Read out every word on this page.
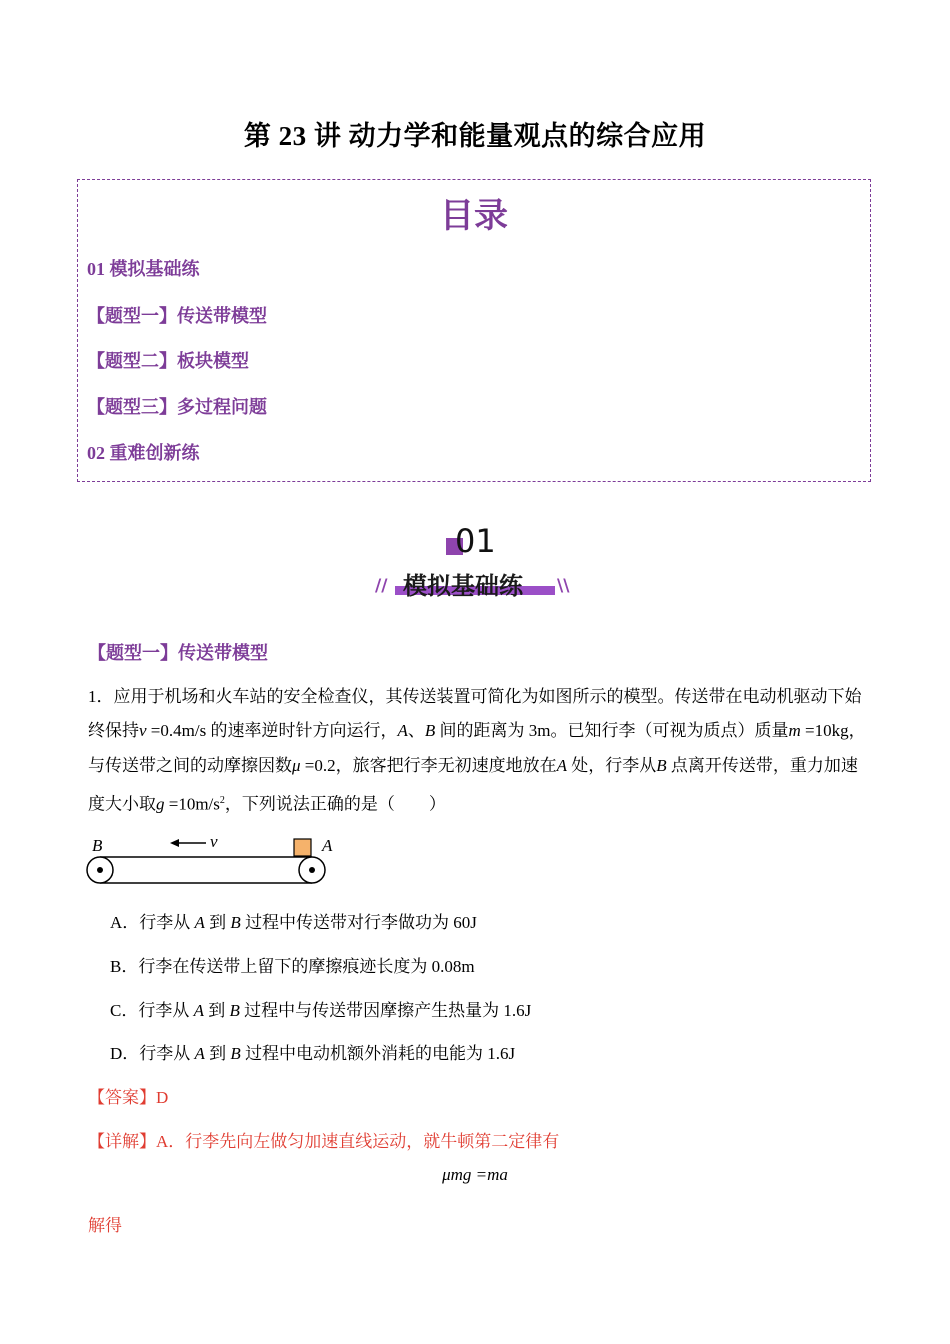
第 23 讲 动力学和能量观点的综合应用
目录
01 模拟基础练
【题型一】传送带模型
【题型二】板块模型
【题型三】多过程问题
02 重难创新练
01
//	\\
模拟基础练
【题型一】传送带模型
1．应用于机场和火车站的安全检查仪，其传送装置可简化为如图所示的模型。传送带在电动机驱动下始
终保持v =0.4m/s 的速率逆时针方向运行，A、B 间的距离为 3m。已知行李（可视为质点）质量m =10kg，
与传送带之间的动摩擦因数μ =0.2，旅客把行李无初速度地放在A 处，行李从B 点离开传送带，重力加速
度大小取$g =10m/s^2$，下列说法正确的是（　　）
B	A
v
A．行李从 A 到 B 过程中传送带对行李做功为 60J
B．行李在传送带上留下的摩擦痕迹长度为 0.08m
C．行李从 A 到 B 过程中与传送带因摩擦产生热量为 1.6J
D．行李从 A 到 B 过程中电动机额外消耗的电能为 1.6J
【答案】D
【详解】A．行李先向左做匀加速直线运动，就牛顿第二定律有
μmg =ma
解得
